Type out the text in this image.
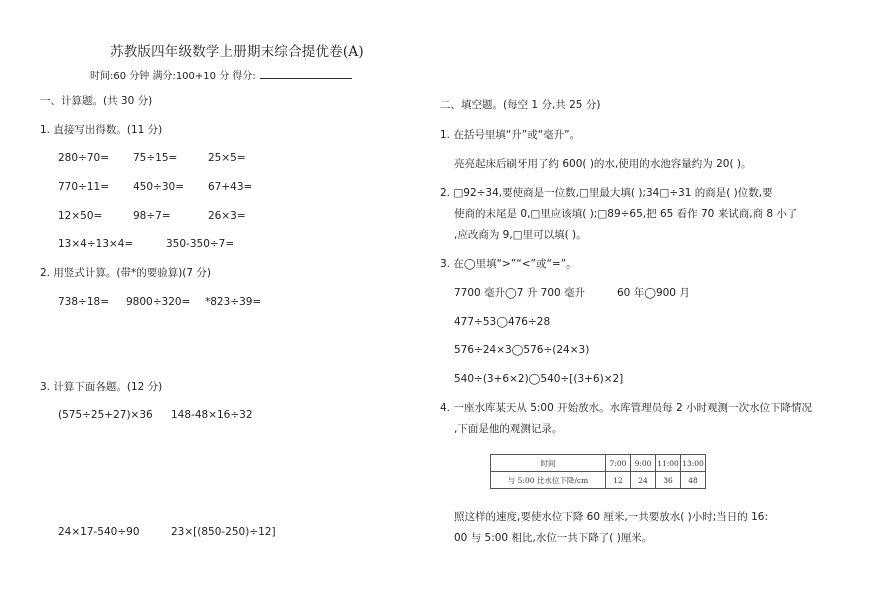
苏教版四年级数学上册期末综合提优卷(A)
时间:60 分钟 满分:100+10 分 得分:
一、计算题。(共 30 分)
1. 直接写出得数。(11 分)
280÷70= 75÷15=	25×5=
770÷11= 450÷30= 67+43=
12×50=	98÷7=	26×3=
13×4÷13×4=	350-350÷7=
2. 用竖式计算。(带*的要验算)(7 分)
738÷18= 9800÷320= *823÷39=
3. 计算下面各题。(12 分)
(575÷25+27)×36 148-48×16÷32
24×17-540÷90	23×[(850-250)÷12]
二、填空题。(每空 1 分,共 25 分)
1. 在括号里填“升”或“毫升”。
亮亮起床后刷牙用了约 600( )的水,使用的水池容量约为 20( )。
2. □92÷34,要使商是一位数,□里最大填( );34□÷31 的商是( )位数,要
使商的末尾是 0,□里应该填( );□89÷65,把 65 看作 70 来试商,商 8 小了
,应改商为 9,□里可以填( )。
3. 在◯里填“>”“<”或“=”。
7700 毫升◯7 升 700 毫升	60 年◯900 月
477÷53◯476÷28
576÷24×3◯576÷(24×3)
540÷(3+6×2)◯540÷[(3+6)×2]
4. 一座水库某天从 5:00 开始放水。水库管理员每 2 小时观测一次水位下降情况
,下面是他的观测记录。
时间	7:00	9:00	11:00	13:00
与 5:00 比水位下降/cm	12	24	36	48
照这样的速度,要使水位下降 60 厘米,一共要放水( )小时;当日的 16:
00 与 5:00 相比,水位一共下降了( )厘米。
